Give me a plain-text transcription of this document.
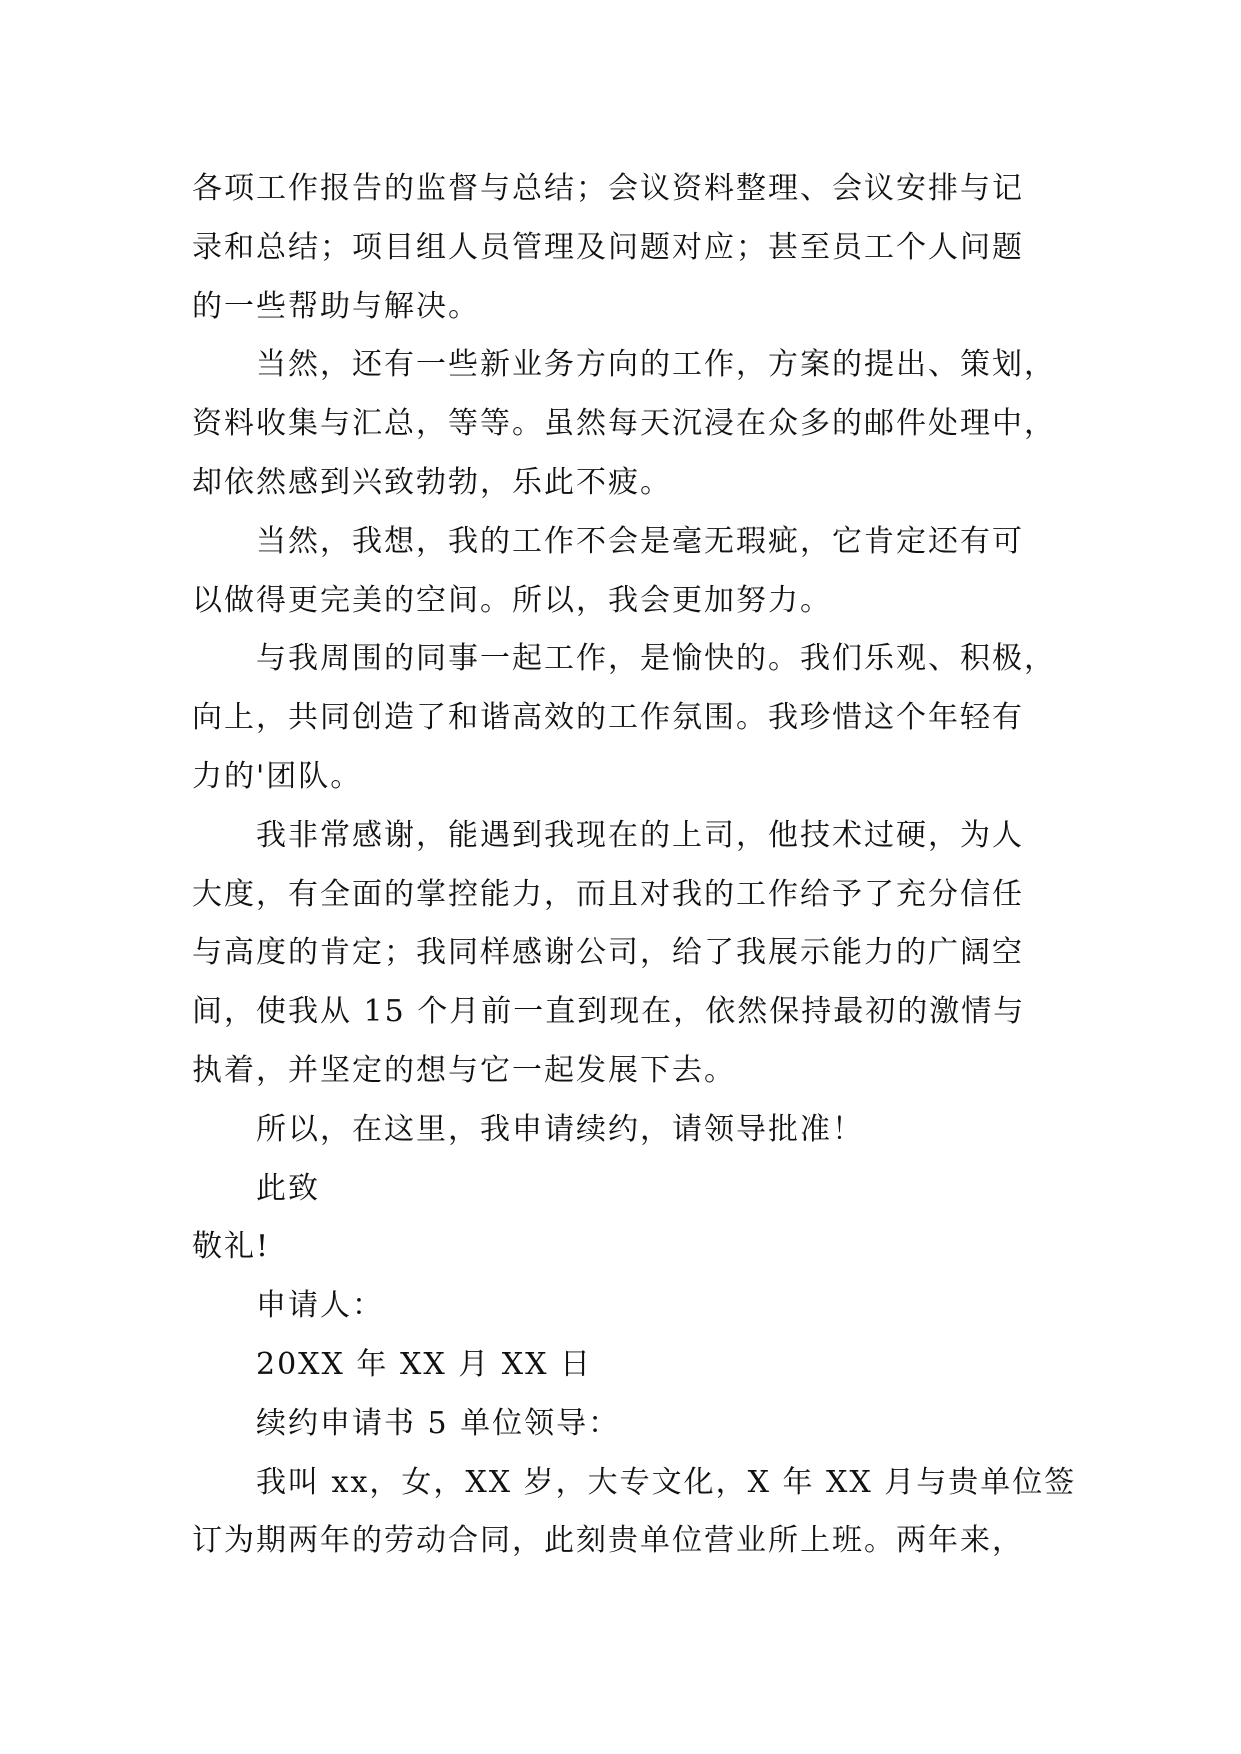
各项工作报告的监督与总结；会议资料整理、会议安排与记
录和总结；项目组人员管理及问题对应；甚至员工个人问题
的一些帮助与解决。
当然，还有一些新业务方向的工作，方案的提出、策划，
资料收集与汇总，等等。虽然每天沉浸在众多的邮件处理中，
却依然感到兴致勃勃，乐此不疲。
当然，我想，我的工作不会是毫无瑕疵，它肯定还有可
以做得更完美的空间。所以，我会更加努力。
与我周围的同事一起工作，是愉快的。我们乐观、积极，
向上，共同创造了和谐高效的工作氛围。我珍惜这个年轻有
力的'团队。
我非常感谢，能遇到我现在的上司，他技术过硬，为人
大度，有全面的掌控能力，而且对我的工作给予了充分信任
与高度的肯定；我同样感谢公司，给了我展示能力的广阔空
间，使我从 15 个月前一直到现在，依然保持最初的激情与
执着，并坚定的想与它一起发展下去。
所以，在这里，我申请续约，请领导批准！
此致
敬礼!
申请人：
20XX 年 XX 月 XX 日
续约申请书 5 单位领导：
我叫 xx，女，XX 岁，大专文化，X 年 XX 月与贵单位签
订为期两年的劳动合同，此刻贵单位营业所上班。两年来，
